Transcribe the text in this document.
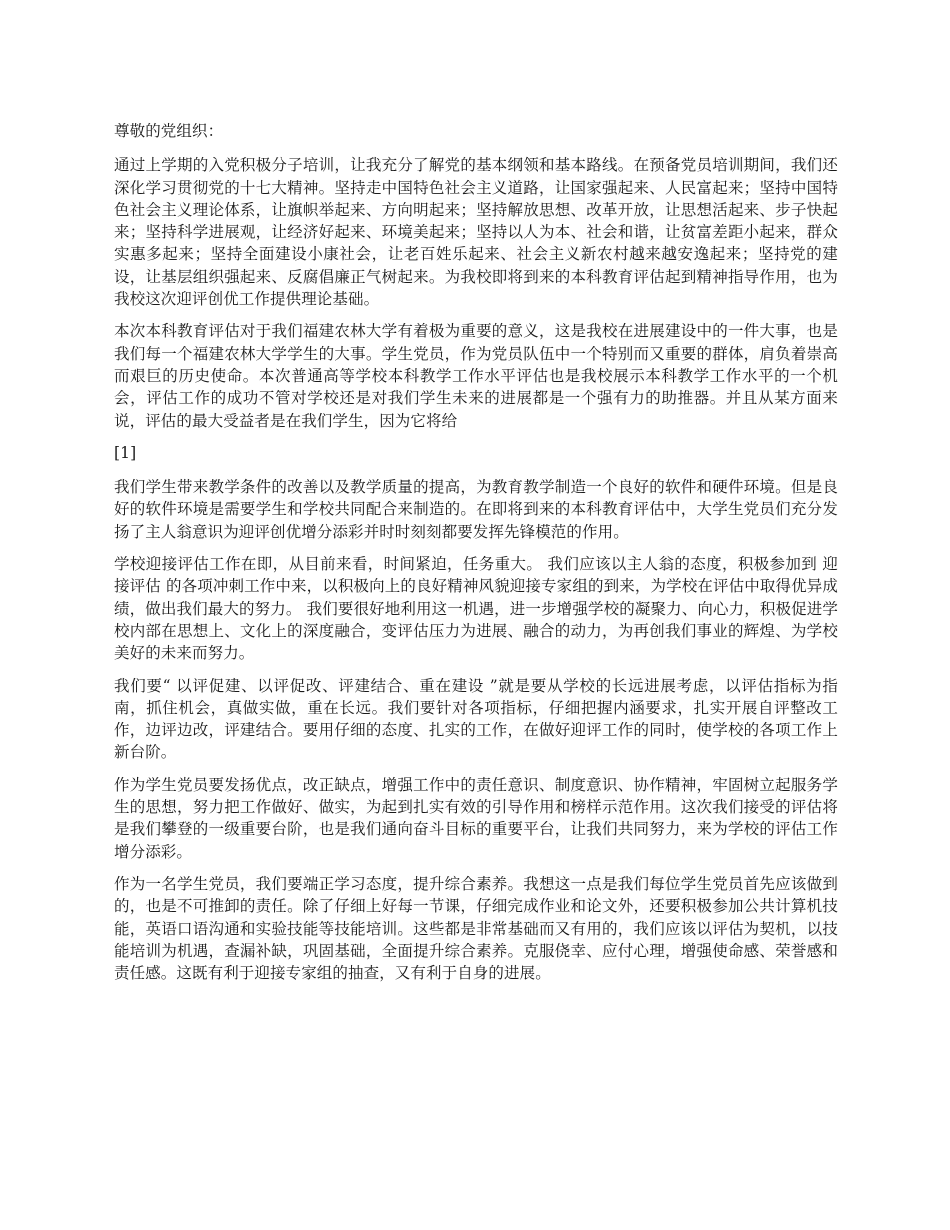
尊敬的党组织：

通过上学期的入党积极分子培训，让我充分了解党的基本纲领和基本路线。在预备党员培训期间，我们还深化学习贯彻党的十七大精神。坚持走中国特色社会主义道路，让国家强起来、人民富起来；坚持中国特色社会主义理论体系，让旗帜举起来、方向明起来；坚持解放思想、改革开放，让思想活起来、步子快起来；坚持科学进展观，让经济好起来、环境美起来；坚持以人为本、社会和谐，让贫富差距小起来，群众实惠多起来；坚持全面建设小康社会，让老百姓乐起来、社会主义新农村越来越安逸起来；坚持党的建设，让基层组织强起来、反腐倡廉正气树起来。为我校即将到来的本科教育评估起到精神指导作用，也为我校这次迎评创优工作提供理论基础。

本次本科教育评估对于我们福建农林大学有着极为重要的意义，这是我校在进展建设中的一件大事，也是我们每一个福建农林大学学生的大事。学生党员，作为党员队伍中一个特别而又重要的群体，肩负着崇高而艰巨的历史使命。本次普通高等学校本科教学工作水平评估也是我校展示本科教学工作水平的一个机会，评估工作的成功不管对学校还是对我们学生未来的进展都是一个强有力的助推器。并且从某方面来说，评估的最大受益者是在我们学生，因为它将给

[1]

我们学生带来教学条件的改善以及教学质量的提高，为教育教学制造一个良好的软件和硬件环境。但是良好的软件环境是需要学生和学校共同配合来制造的。在即将到来的本科教育评估中，大学生党员们充分发扬了主人翁意识为迎评创优增分添彩并时时刻刻都要发挥先锋模范的作用。

学校迎接评估工作在即，从目前来看，时间紧迫，任务重大。 我们应该以主人翁的态度，积极参加到 迎接评估 的各项冲刺工作中来，以积极向上的良好精神风貌迎接专家组的到来，为学校在评估中取得优异成绩，做出我们最大的努力。 我们要很好地利用这一机遇，进一步增强学校的凝聚力、向心力，积极促进学校内部在思想上、文化上的深度融合，变评估压力为进展、融合的动力，为再创我们事业的辉煌、为学校美好的未来而努力。

我们要“ 以评促建、以评促改、评建结合、重在建设 ”就是要从学校的长远进展考虑，以评估指标为指南，抓住机会，真做实做，重在长远。我们要针对各项指标，仔细把握内涵要求，扎实开展自评整改工作，边评边改，评建结合。要用仔细的态度、扎实的工作，在做好迎评工作的同时，使学校的各项工作上新台阶。

作为学生党员要发扬优点，改正缺点，增强工作中的责任意识、制度意识、协作精神，牢固树立起服务学生的思想，努力把工作做好、做实，为起到扎实有效的引导作用和榜样示范作用。这次我们接受的评估将是我们攀登的一级重要台阶，也是我们通向奋斗目标的重要平台，让我们共同努力，来为学校的评估工作增分添彩。

作为一名学生党员，我们要端正学习态度，提升综合素养。我想这一点是我们每位学生党员首先应该做到的，也是不可推卸的责任。除了仔细上好每一节课，仔细完成作业和论文外，还要积极参加公共计算机技能，英语口语沟通和实验技能等技能培训。这些都是非常基础而又有用的，我们应该以评估为契机，以技能培训为机遇，查漏补缺，巩固基础，全面提升综合素养。克服侥幸、应付心理，增强使命感、荣誉感和责任感。这既有利于迎接专家组的抽查，又有利于自身的进展。
